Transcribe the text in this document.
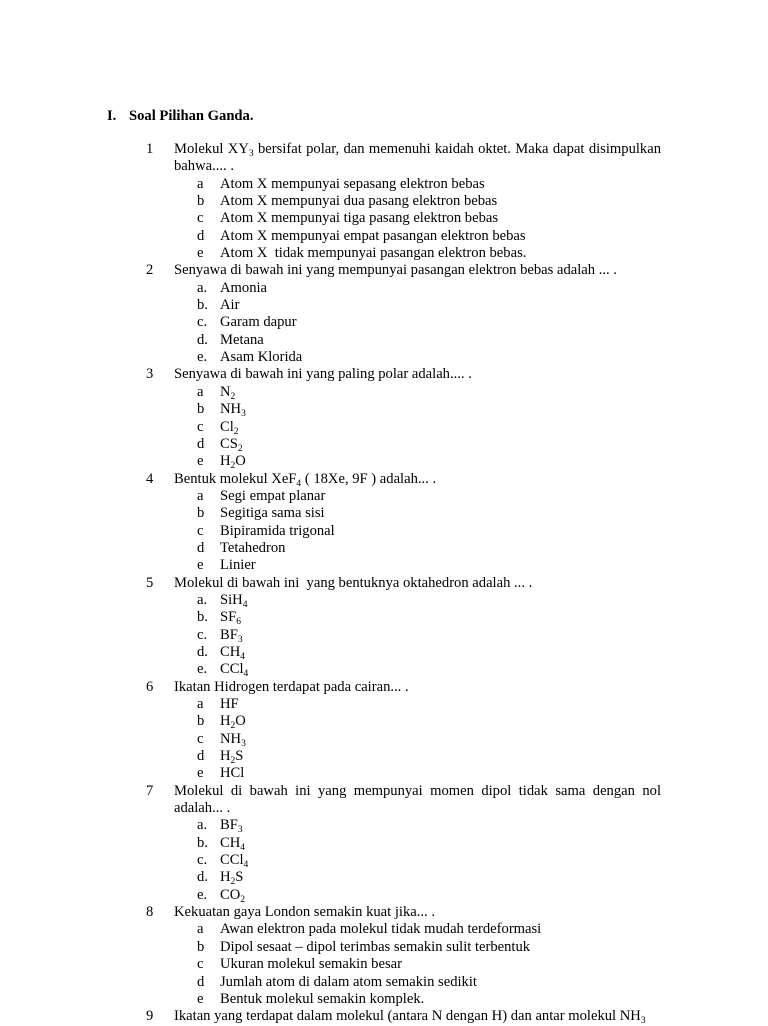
I. Soal Pilihan Ganda.
1	Molekul $XY_3$ bersifat polar, dan memenuhi kaidah oktet. Maka dapat disimpulkan bahwa.... .
a Atom X mempunyai sepasang elektron bebas
b Atom X mempunyai dua pasang elektron bebas
c Atom X mempunyai tiga pasang elektron bebas
d Atom X mempunyai empat pasangan elektron bebas
e Atom X  tidak mempunyai pasangan elektron bebas.
2	Senyawa di bawah ini yang mempunyai pasangan elektron bebas adalah ... .
a. Amonia
b. Air
c. Garam dapur
d. Metana
e. Asam Klorida
3	Senyawa di bawah ini yang paling polar adalah.... .
a $N_2$
b $NH_3$
c $Cl_2$
d $CS_2$
e $H_2O$
4	Bentuk molekul XeF$_4$ ( 18Xe, 9F ) adalah... .
a Segi empat planar
b Segitiga sama sisi
c Bipiramida trigonal
d Tetahedron
e Linier
5	Molekul di bawah ini  yang bentuknya oktahedron adalah ... .
a. SiH$_4$
b. $SF_6$
c. $BF_3$
d. $CH_4$
e. CCl$_4$
6	Ikatan Hidrogen terdapat pada cairan... .
a HF
b $H_2O$
c $NH_3$
d $H_2S$
e HCl
7	Molekul di bawah ini yang mempunyai momen dipol tidak sama dengan nol adalah... .
a. $BF_3$
b. $CH_4$
c. CCl$_4$
d. $H_2S$
e. $CO_2$
8	Kekuatan gaya London semakin kuat jika... .
a Awan elektron pada molekul tidak mudah terdeformasi
b Dipol sesaat – dipol terimbas semakin sulit terbentuk
c Ukuran molekul semakin besar
d Jumlah atom di dalam atom semakin sedikit
e Bentuk molekul semakin komplek.
9	Ikatan yang terdapat dalam molekul (antara N dengan H) dan antar molekul $NH_3$
